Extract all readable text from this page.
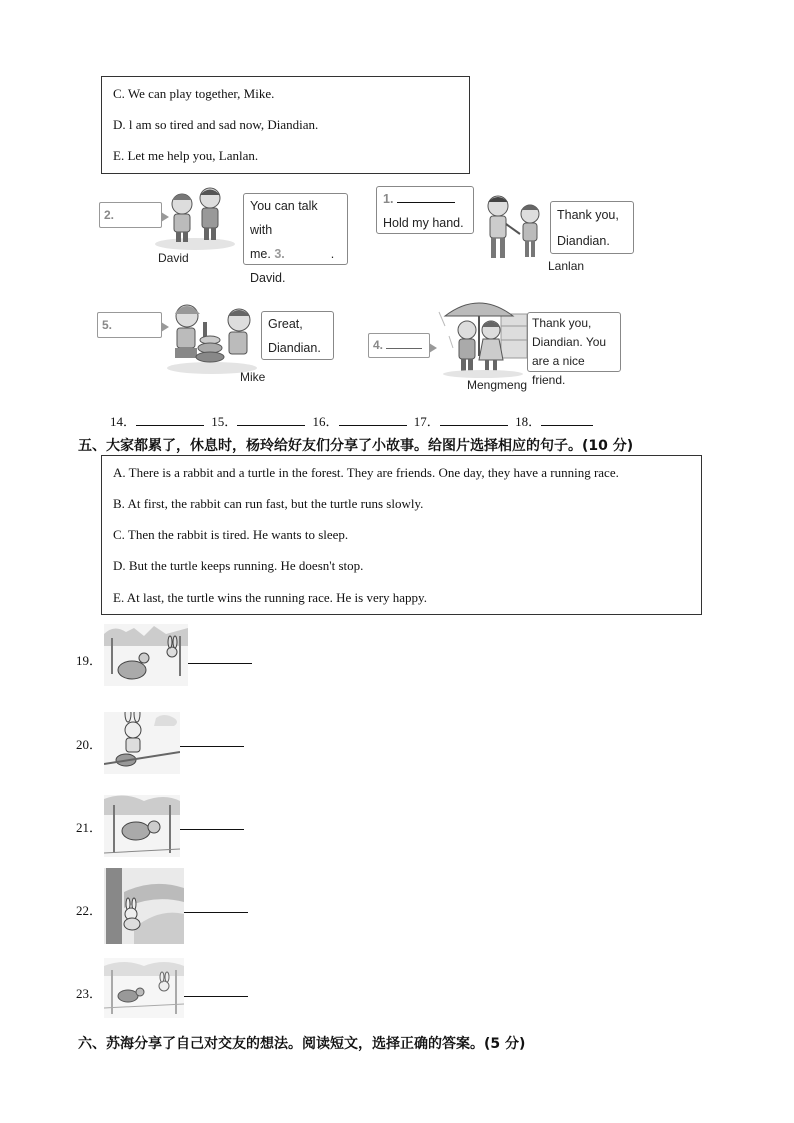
C. We can play together, Mike.
D. l am so tired and sad now, Diandian.
E. Let me help you, Lanlan.
2.
David
You can talk with
me. 3.	.
David.
1.
Hold my hand.
Lanlan
Thank you,
Diandian.
5.
Mike
Great,
Diandian.	4.
Mengmeng
Thank you,
Diandian. You
are a nice friend.
14．	15．	16．	17．	18．
五、大家都累了，休息时，杨玲给好友们分享了小故事。给图片选择相应的句子。(10 分)
A. There is a rabbit and a turtle in the forest. They are friends. One day, they have a running race.
B. At first, the rabbit can run fast, but the turtle runs slowly.
C. Then the rabbit is tired. He wants to sleep.
D. But the turtle keeps running. He doesn't stop.
E. At last, the turtle wins the running race. He is very happy.
19．
20．
21．
22．
23．
六、苏海分享了自己对交友的想法。阅读短文，选择正确的答案。(5 分)
